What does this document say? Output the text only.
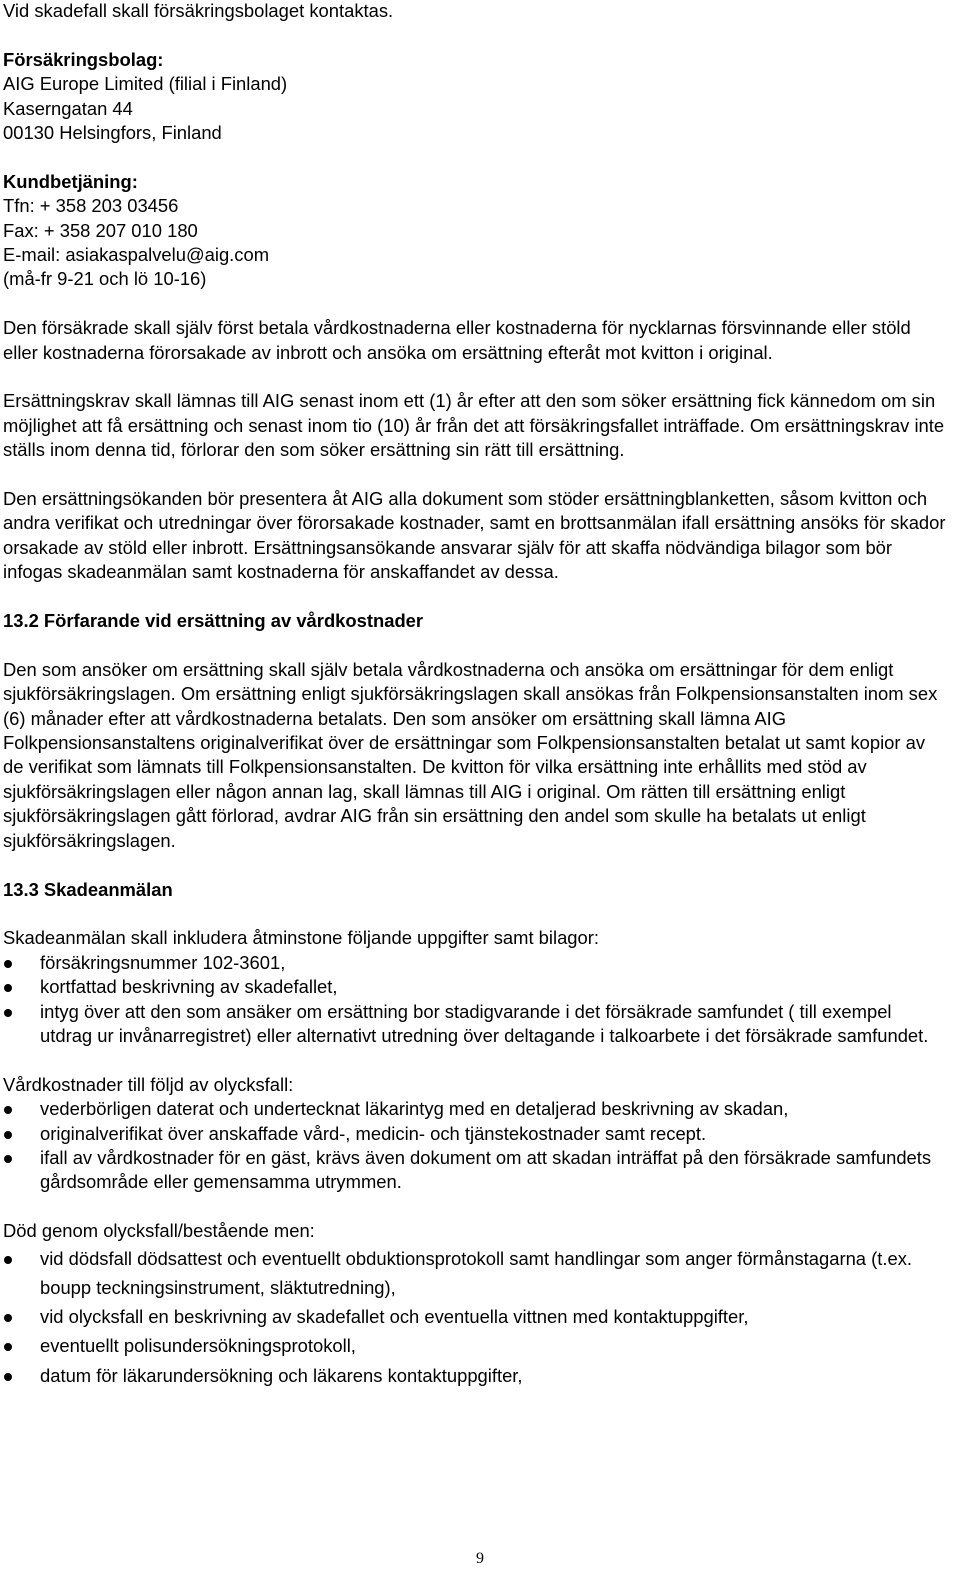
Vid skadefall skall försäkringsbolaget kontaktas.

Försäkringsbolag:

AIG Europe Limited (filial i Finland)

Kaserngatan 44

00130 Helsingfors, Finland

Kundbetjäning:

Tfn: + 358 203 03456

Fax: + 358 207 010 180

E-mail: asiakaspalvelu@aig.com

(må-fr 9-21 och lö 10-16)

Den försäkrade skall själv först betala vårdkostnaderna eller kostnaderna för nycklarnas försvinnande eller stöld eller kostnaderna förorsakade av inbrott och ansöka om ersättning efteråt mot kvitton i original.

Ersättningskrav skall lämnas till AIG senast inom ett (1) år efter att den som söker ersättning fick kännedom om sin möjlighet att få ersättning och senast inom tio (10) år från det att försäkringsfallet inträffade. Om ersättningskrav inte ställs inom denna tid, förlorar den som söker ersättning sin rätt till ersättning.

Den ersättningsökanden bör presentera åt AIG alla dokument som stöder ersättningblanketten, såsom kvitton och andra verifikat och utredningar över förorsakade kostnader, samt en brottsanmälan ifall ersättning ansöks för skador orsakade av stöld eller inbrott. Ersättningsansökande ansvarar själv för att skaffa nödvändiga bilagor som bör infogas skadeanmälan samt kostnaderna för anskaffandet av dessa.

13.2 Förfarande vid ersättning av vårdkostnader

Den som ansöker om ersättning skall själv betala vårdkostnaderna och ansöka om ersättningar för dem enligt sjukförsäkringslagen. Om ersättning enligt sjukförsäkringslagen skall ansökas från Folkpensionsanstalten inom sex (6) månader efter att vårdkostnaderna betalats. Den som ansöker om ersättning skall lämna AIG Folkpensionsanstaltens originalverifikat över de ersättningar som Folkpensionsanstalten betalat ut samt kopior av de verifikat som lämnats till Folkpensionsanstalten. De kvitton för vilka ersättning inte erhållits med stöd av sjukförsäkringslagen eller någon annan lag, skall lämnas till AIG i original. Om rätten till ersättning enligt sjukförsäkringslagen gått förlorad, avdrar AIG från sin ersättning den andel som skulle ha betalats ut enligt sjukförsäkringslagen.

13.3 Skadeanmälan

Skadeanmälan skall inkludera åtminstone följande uppgifter samt bilagor:

försäkringsnummer 102-3601,
kortfattad beskrivning av skadefallet,
intyg över att den som ansäker om ersättning bor stadigvarande i det försäkrade samfundet ( till exempel utdrag ur invånarregistret) eller alternativt utredning över deltagande i talkoarbete i det försäkrade samfundet.

Vårdkostnader till följd av olycksfall:

vederbörligen daterat och undertecknat läkarintyg med en detaljerad beskrivning av skadan,
originalverifikat över anskaffade vård-, medicin- och tjänstekostnader samt recept.
ifall av vårdkostnader för en gäst, krävs även dokument om att skadan inträffat på den försäkrade samfundets gårdsområde eller gemensamma utrymmen.

Död genom olycksfall/bestående men:

vid dödsfall dödsattest och eventuellt obduktionsprotokoll samt handlingar som anger förmånstagarna (t.ex. boupp teckningsinstrument, släktutredning),
vid olycksfall en beskrivning av skadefallet och eventuella vittnen med kontaktuppgifter,
eventuellt polisundersökningsprotokoll,
datum för läkarundersökning och läkarens kontaktuppgifter,
9
